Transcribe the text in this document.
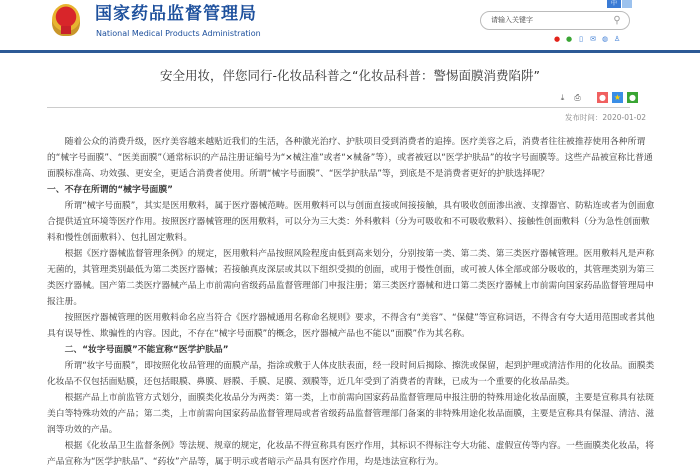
国家药品监督管理局
National Medical Products Administration
中
请输入关键字	⚲
● ● ▯ ✉ ◍ ♙
安全用妆，伴您同行-化妆品科普之“化妆品科普：警惕面膜消费陷阱”
⤓	⎙ ● ★ ●
发布时间：2020-01-02

随着公众的消费升级，医疗美容越来越贴近我们的生活，各种激光治疗、护肤项目受到消费者的追捧。医疗美容之后，消费者往往被推荐使用各种所谓的“械字号面膜”、“医美面膜”（通常标识的产品注册证编号为“×械注准”或者“×械备”等），或者被冠以“医学护肤品”的妆字号面膜等。这些产品被宣称比普通面膜标准高、功效强、更安全，更适合消费者使用。所谓“械字号面膜”、“医学护肤品”等，到底是不是消费者更好的护肤选择呢？

一、不存在所谓的“械字号面膜”

所谓“械字号面膜”，其实是医用敷料，属于医疗器械范畴。医用敷料可以与创面直接或间接接触，具有吸收创面渗出液、支撑器官、防粘连或者为创面愈合提供适宜环境等医疗作用。按照医疗器械管理的医用敷料，可以分为三大类：外科敷料（分为可吸收和不可吸收敷料）、接触性创面敷料（分为急性创面敷料和慢性创面敷料）、包扎固定敷料。

根据《医疗器械监督管理条例》的规定，医用敷料产品按照风险程度由低到高来划分，分别按第一类、第二类、第三类医疗器械管理。医用敷料凡是声称无菌的，其管理类别最低为第二类医疗器械；若接触真皮深层或其以下组织受损的创面，或用于慢性创面，或可被人体全部或部分吸收的，其管理类别为第三类医疗器械。国产第二类医疗器械产品上市前需向省级药品监督管理部门申报注册；第三类医疗器械和进口第二类医疗器械上市前需向国家药品监督管理局申报注册。

按照医疗器械管理的医用敷料命名应当符合《医疗器械通用名称命名规则》要求，不得含有“美容”、“保健”等宣称词语，不得含有夸大适用范围或者其他具有误导性、欺骗性的内容。因此，不存在“械字号面膜”的概念，医疗器械产品也不能以“面膜”作为其名称。

二、“妆字号面膜”不能宣称“医学护肤品”

所谓“妆字号面膜”，即按照化妆品管理的面膜产品，指涂或敷于人体皮肤表面，经一段时间后揭除、擦洗或保留，起到护理或清洁作用的化妆品。面膜类化妆品不仅包括面贴膜，还包括眼膜、鼻膜、唇膜、手膜、足膜、颈膜等，近几年受到了消费者的青睐，已成为一个重要的化妆品品类。

根据产品上市前监管方式划分，面膜类化妆品分为两类：第一类，上市前需向国家药品监督管理局申报注册的特殊用途化妆品面膜，主要是宣称具有祛斑美白等特殊功效的产品；第二类，上市前需向国家药品监督管理局或者省级药品监督管理部门备案的非特殊用途化妆品面膜，主要是宣称具有保湿、清洁、滋润等功效的产品。

根据《化妆品卫生监督条例》等法规、规章的规定，化妆品不得宣称具有医疗作用，其标识不得标注夸大功能、虚假宣传等内容。一些面膜类化妆品，将产品宣称为“医学护肤品”、“药妆”产品等，属于明示或者暗示产品具有医疗作用，均是违法宣称行为。
